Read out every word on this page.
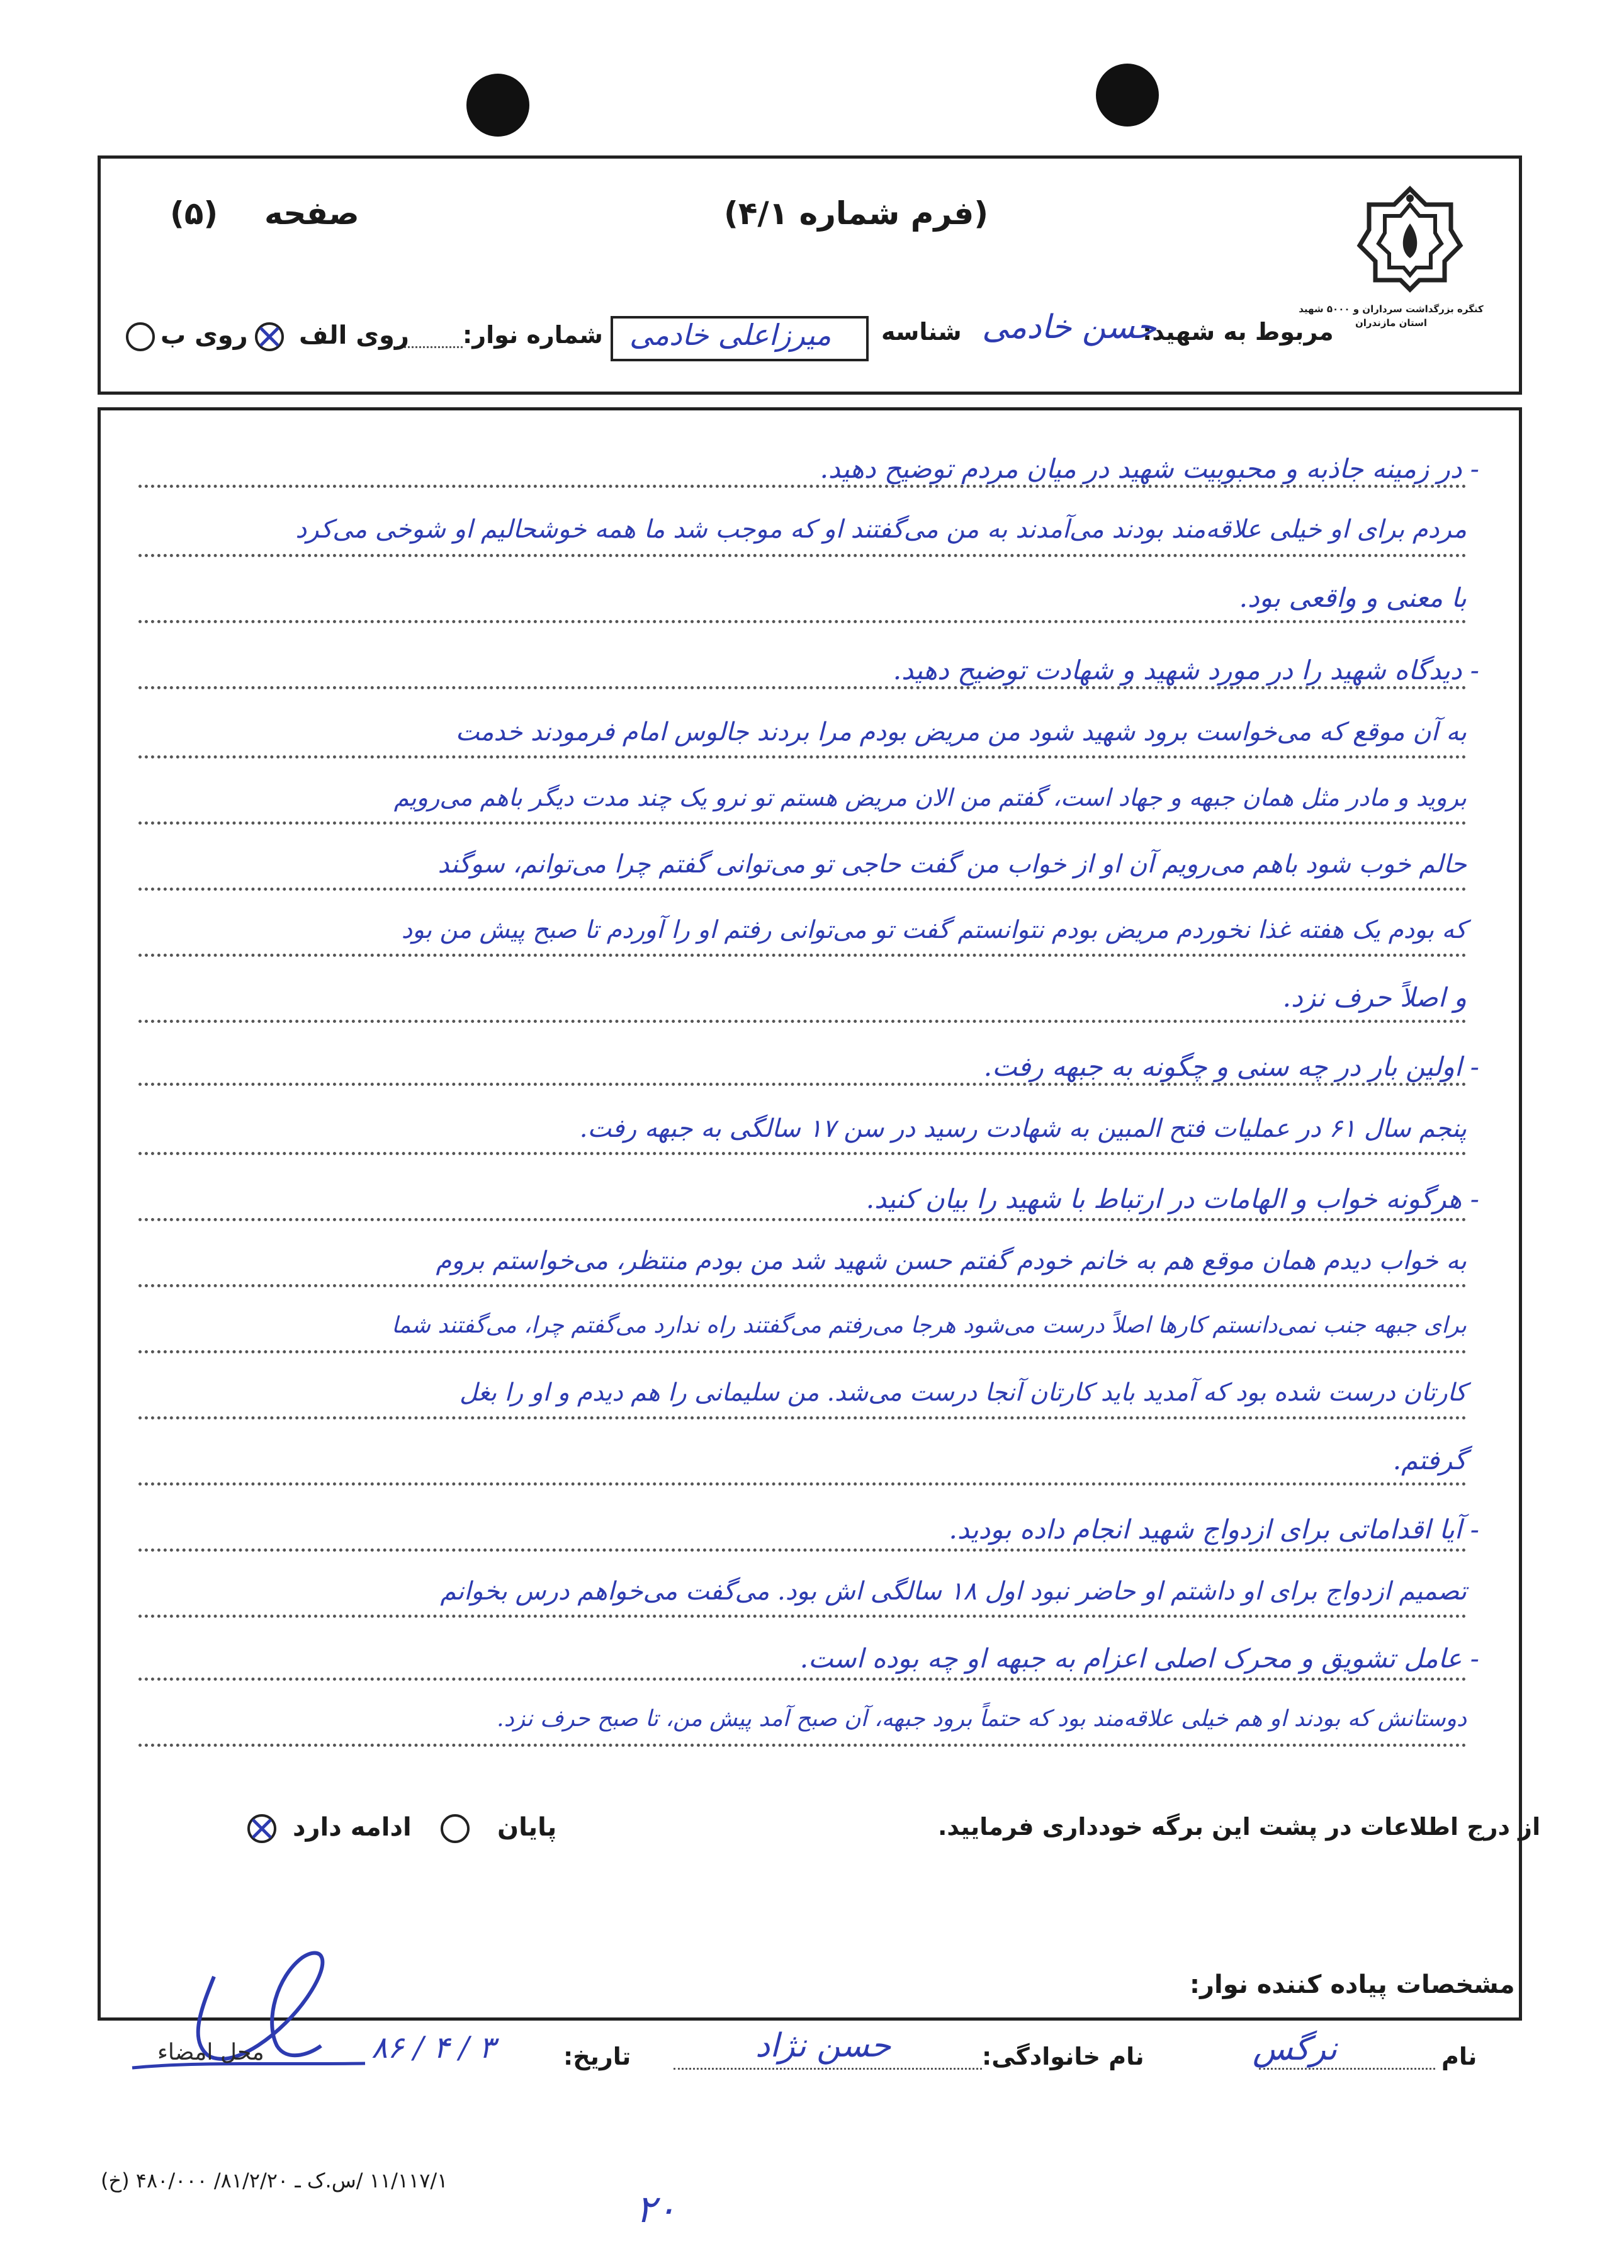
کنگره بزرگداشت سرداران و ۵۰۰۰ شهید استان مازندران
صفحه
(۵)	(فرم شماره ۴/۱)
مربوط به شهید:
حسن خادمی
شناسه
میرزاعلی خادمی
شماره نوار:
روی الف
روی ب
- در زمینه جاذبه و محبوبیت شهید در میان مردم توضیح دهید.
مردم برای او خیلی علاقه‌مند بودند می‌آمدند به من می‌گفتند او که موجب شد ما همه خوشحالیم او شوخی می‌کرد
با معنی و واقعی بود.
- دیدگاه شهید را در مورد شهید و شهادت توضیح دهید.
به آن موقع که می‌خواست برود شهید شود من مریض بودم مرا بردند جالوس امام فرمودند خدمت
بروید و مادر مثل همان جبهه و جهاد است، گفتم من الان مریض هستم تو نرو یک چند مدت دیگر باهم می‌رویم
حالم خوب شود باهم می‌رویم آن او از خواب من گفت حاجی تو می‌توانی گفتم چرا می‌توانم، سوگند
که بودم یک هفته غذا نخوردم مریض بودم نتوانستم گفت تو می‌توانی رفتم او را آوردم تا صبح پیش من بود
و اصلاً حرف نزد.
- اولین بار در چه سنی و چگونه به جبهه رفت.
پنجم سال ۶۱ در عملیات فتح المبین به شهادت رسید در سن ۱۷ سالگی به جبهه رفت.
- هرگونه خواب و الهامات در ارتباط با شهید را بیان کنید.
به خواب دیدم همان موقع هم به خانم خودم گفتم حسن شهید شد من بودم منتظر، می‌خواستم بروم
برای جبهه جنب نمی‌دانستم کارها اصلاً درست می‌شود هرجا می‌رفتم می‌گفتند راه ندارد می‌گفتم چرا، می‌گفتند شما
کارتان درست شده بود که آمدید باید کارتان آنجا درست می‌شد. من سلیمانی را هم دیدم و او را بغل
گرفتم.
- آیا اقداماتی برای ازدواج شهید انجام داده بودید.
تصمیم ازدواج برای او داشتم او حاضر نبود اول ۱۸ سالگی اش بود. می‌گفت می‌خواهم درس بخوانم
- عامل تشویق و محرک اصلی اعزام به جبهه او چه بوده است.
دوستانش که بودند او هم خیلی علاقه‌مند بود که حتماً برود جبهه، آن صبح آمد پیش من، تا صبح حرف نزد.
از درج اطلاعات در پشت این برگه خودداری فرمایید.
پایان
ادامه دارد
مشخصات پیاده کننده نوار:
نام
نرگس
نام خانوادگی:
حسن نژاد
تاریخ:
۸۶ / ۴ / ۳
محل امضاء
۱۱/۱۱۷/۱ /س.ک ـ ۸۱/۲/۲۰/ ۴۸۰/۰۰۰ (خ)
۲۰
